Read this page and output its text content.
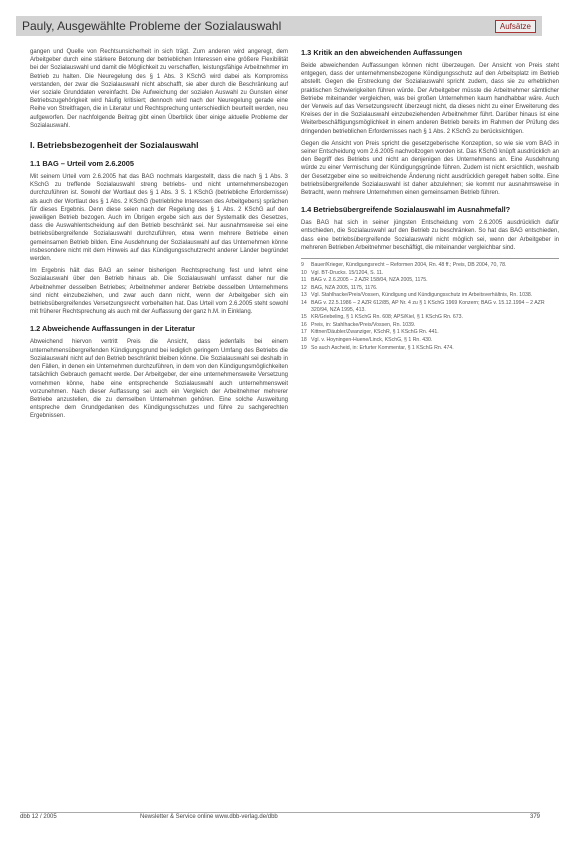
Pauly, Ausgewählte Probleme der Sozialauswahl	Aufsätze

gangen und Quelle von Rechtsunsicherheit in sich trägt. Zum anderen wird angeregt, dem Arbeitgeber durch eine stärkere Betonung der betrieblichen Interessen eine größere Flexibilität bei der Sozialauswahl und damit die Möglichkeit zu verschaffen, leistungsfähige Arbeitnehmer im Betrieb zu halten. Die Neuregelung des § 1 Abs. 3 KSchG wird dabei als Kompromiss verstanden, der zwar die Sozialauswahl nicht abschafft, sie aber durch die Beschränkung auf vier soziale Grunddaten vereinfacht. Die Aufweichung der sozialen Auswahl zu Gunsten einer Betriebszugehörigkeit wird häufig kritisiert; dennoch wird nach der Neuregelung gerade eine Reihe von Streitfragen, die in Literatur und Rechtsprechung unterschiedlich beurteilt werden, neu aufgeworfen. Der nachfolgende Beitrag gibt einen Überblick über einige aktuelle Probleme der Sozialauswahl.

I. Betriebsbezogenheit der Sozialauswahl
1.1 BAG – Urteil vom 2.6.2005

Mit seinem Urteil vom 2.6.2005 hat das BAG nochmals klargestellt, dass die nach § 1 Abs. 3 KSchG zu treffende Sozialauswahl streng betriebs- und nicht unternehmensbezogen durchzuführen ist. Sowohl der Wortlaut des § 1 Abs. 3 S. 1 KSchG (betriebliche Erfordernisse) als auch der Wortlaut des § 1 Abs. 2 KSchG (betriebliche Interessen des Arbeitgebers) sprächen für dieses Ergebnis. Denn diese seien nach der Regelung des § 1 Abs. 2 KSchG auf den jeweiligen Betrieb bezogen. Auch im Übrigen ergebe sich aus der Systematik des Gesetzes, dass die Auswahlentscheidung auf den Betrieb beschränkt sei. Nur ausnahmsweise sei eine betriebsübergreifende Sozialauswahl durchzuführen, etwa wenn mehrere Betriebe einen gemeinsamen Betrieb bilden. Eine Ausdehnung der Sozialauswahl auf das Unternehmen könne insbesondere nicht mit dem Hinweis auf das Kündigungsschutzrecht anderer Länder begründet werden.

Im Ergebnis hält das BAG an seiner bisherigen Rechtsprechung fest und lehnt eine Sozialauswahl über den Betrieb hinaus ab. Die Sozialauswahl umfasst daher nur die Arbeitnehmer desselben Betriebes; Arbeitnehmer anderer Betriebe desselben Unternehmens sind nicht einzubeziehen, und zwar auch dann nicht, wenn der Arbeitgeber sich ein betriebsübergreifendes Versetzungsrecht vorbehalten hat. Das Urteil vom 2.6.2005 steht sowohl mit früherer Rechtsprechung als auch mit der Auffassung der ganz h.M. in Einklang.

1.2 Abweichende Auffassungen in der Literatur

Abweichend hiervon vertritt Preis die Ansicht, dass jedenfalls bei einem unternehmensübergreifenden Kündigungsgrund bei lediglich geringem Umfang des Betriebs die Sozialauswahl nicht auf den Betrieb beschränkt bleiben könne. Die Sozialauswahl sei deshalb in den Fällen, in denen ein Unternehmen durchzuführen, in dem von den Kündigungsmöglichkeiten tatsächlich Gebrauch gemacht werde. Der Arbeitgeber, der eine unternehmensweite Versetzung vornehmen könne, habe eine entsprechende Sozialauswahl auch unternehmensweit vorzunehmen. Nach dieser Auffassung sei auch ein Vergleich der Arbeitnehmer mehrerer Betriebe anzustellen, die zu demselben Unternehmen gehören. Eine solche Ausweitung entspreche dem Grundgedanken des Kündigungsschutzes und führe zu sachgerechten Ergebnissen.

1.3 Kritik an den abweichenden Auffassungen

Beide abweichenden Auffassungen können nicht überzeugen. Der Ansicht von Preis steht entgegen, dass der unternehmensbezogene Kündigungsschutz auf den Arbeitsplatz im Betrieb abstellt. Gegen die Erstreckung der Sozialauswahl spricht zudem, dass sie zu erheblichen praktischen Schwierigkeiten führen würde. Der Arbeitgeber müsste die Arbeitnehmer sämtlicher Betriebe miteinander vergleichen, was bei großen Unternehmen kaum handhabbar wäre. Auch der Verweis auf das Versetzungsrecht überzeugt nicht, da dieses nicht zu einer Erweiterung des Kreises der in die Sozialauswahl einzubeziehenden Arbeitnehmer führt. Darüber hinaus ist eine Weiterbeschäftigungsmöglichkeit in einem anderen Betrieb bereits im Rahmen der Prüfung des dringenden betrieblichen Erfordernisses nach § 1 Abs. 2 KSchG zu berücksichtigen.

Gegen die Ansicht von Preis spricht die gesetzgeberische Konzeption, so wie sie vom BAG in seiner Entscheidung vom 2.6.2005 nachvollzogen worden ist. Das KSchG knüpft ausdrücklich an den Begriff des Betriebs und nicht an denjenigen des Unternehmens an. Eine Ausdehnung würde zu einer Vermischung der Kündigungsgründe führen. Zudem ist nicht ersichtlich, weshalb der Gesetzgeber eine so weitreichende Änderung nicht ausdrücklich geregelt haben sollte. Eine betriebsübergreifende Sozialauswahl ist daher abzulehnen; sie kommt nur ausnahmsweise in Betracht, wenn mehrere Unternehmen einen gemeinsamen Betrieb führen.

1.4 Betriebsübergreifende Sozialauswahl im Ausnahmefall?

Das BAG hat sich in seiner jüngsten Entscheidung vom 2.6.2005 ausdrücklich dafür entschieden, die Sozialauswahl auf den Betrieb zu beschränken. So hat das BAG entschieden, dass eine betriebsübergreifende Sozialauswahl nicht möglich sei, wenn der Arbeitgeber in mehreren Betrieben Arbeitnehmer beschäftigt, die miteinander vergleichbar sind.

9	Bauer/Krieger, Kündigungsrecht – Reformen 2004, Rn. 48 ff.; Preis, DB 2004, 70, 78.
10 Vgl. BT-Drucks. 15/1204, S. 11.
11 BAG v. 2.6.2005 – 2 AZR 158/04, NZA 2005, 1175.
12 BAG, NZA 2005, 1175, 1176.
13 Vgl. Stahlhacke/Preis/Vossen, Kündigung und Kündigungsschutz im Arbeitsverhältnis, Rn. 1038.
14 BAG v. 22.5.1986 – 2 AZR 612/85, AP Nr. 4 zu § 1 KSchG 1969 Konzern; BAG v. 15.12.1994 – 2 AZR 320/94, NZA 1995, 413.
15 KR/Griebeling, § 1 KSchG Rn. 608; APS/Kiel, § 1 KSchG Rn. 673.
16 Preis, in: Stahlhacke/Preis/Vossen, Rn. 1039.
17 Kittner/Däubler/Zwanziger, KSchR, § 1 KSchG Rn. 441.
18 Vgl. v. Hoyningen-Huene/Linck, KSchG, § 1 Rn. 430.
19 So auch Ascheid, in: Erfurter Kommentar, § 1 KSchG Rn. 474.
dbb 12 / 2005	Newsletter & Service online www.dbb-verlag.de/dbb	379
